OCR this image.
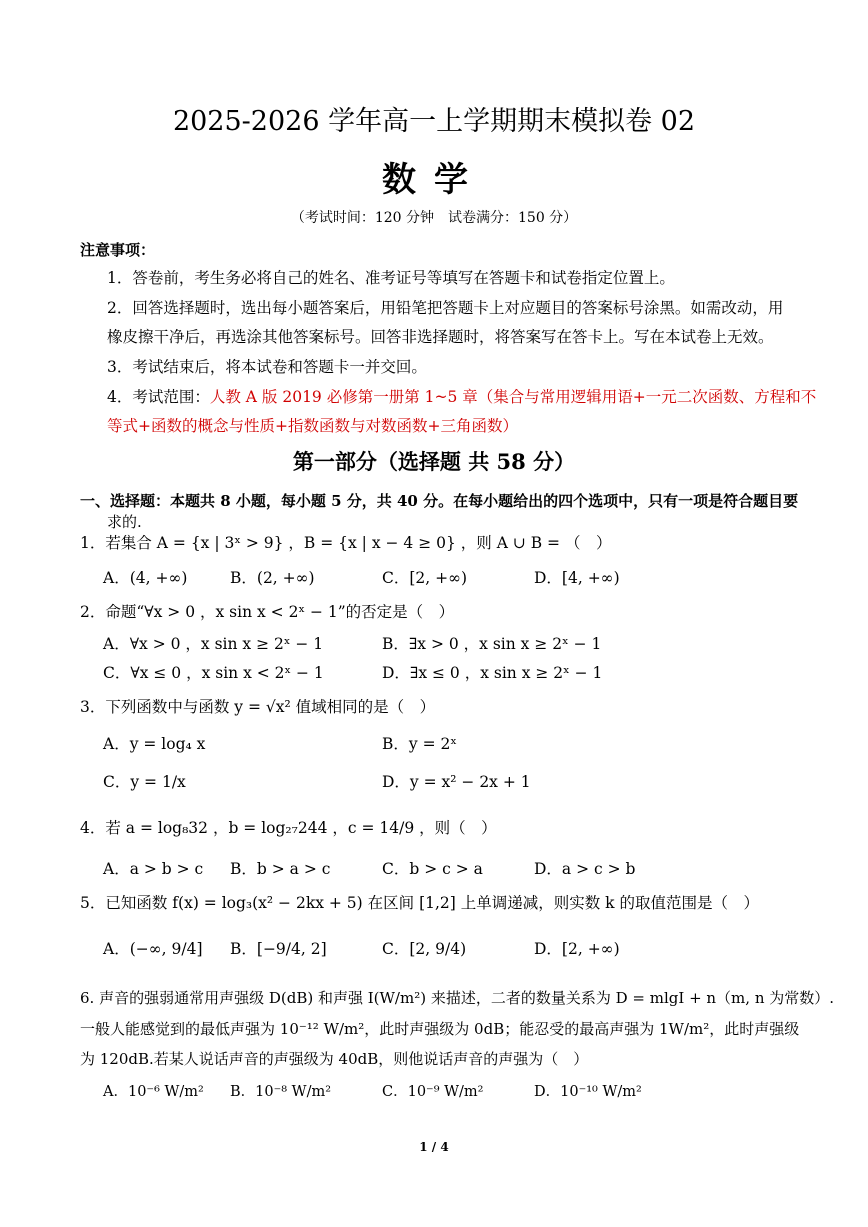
2025-2026 学年高一上学期期末模拟卷 02
数学
（考试时间：120 分钟　试卷满分：150 分）
注意事项：
1．答卷前，考生务必将自己的姓名、准考证号等填写在答题卡和试卷指定位置上。
2．回答选择题时，选出每小题答案后，用铅笔把答题卡上对应题目的答案标号涂黑。如需改动，用
橡皮擦干净后，再选涂其他答案标号。回答非选择题时，将答案写在答卡上。写在本试卷上无效。
3．考试结束后，将本试卷和答题卡一并交回。
4．考试范围：人教 A 版 2019 必修第一册第 1~5 章（集合与常用逻辑用语+一元二次函数、方程和不
等式+函数的概念与性质+指数函数与对数函数+三角函数）
第一部分（选择题 共 58 分）
一、选择题：本题共 8 小题，每小题 5 分，共 40 分。在每小题给出的四个选项中，只有一项是符合题目要
求的.
1．若集合 A = {x | 3ˣ > 9} ，B = {x | x − 4 ≥ 0} ，则 A ∪ B = （　）
A．(4, +∞)	B．(2, +∞)	C．[2, +∞)	D．[4, +∞)
2．命题“∀x > 0 ，x sin x < 2ˣ − 1”的否定是（　）
A．∀x > 0 ，x sin x ≥ 2ˣ − 1	B．∃x > 0 ，x sin x ≥ 2ˣ − 1
C．∀x ≤ 0 ，x sin x < 2ˣ − 1	D．∃x ≤ 0 ，x sin x ≥ 2ˣ − 1
3．下列函数中与函数 y = √x² 值域相同的是（　）
A．y = log₄ x	B．y = 2ˣ
C．y = 1/x	D．y = x² − 2x + 1
4．若 a = log₈32 ，b = log₂₇244 ，c = 14/9 ，则（　）
A．a > b > c B．b > a > c	C．b > c > a	D．a > c > b
5．已知函数 f(x) = log₃(x² − 2kx + 5) 在区间 [1,2] 上单调递减，则实数 k 的取值范围是（　）
A．(−∞, 9/4] B．[−9/4, 2]	C．[2, 9/4)	D．[2, +∞)
6. 声音的强弱通常用声强级 D(dB) 和声强 I(W/m²) 来描述，二者的数量关系为 D = mlgI + n（m, n 为常数）.
一般人能感觉到的最低声强为 10⁻¹² W/m²，此时声强级为 0dB；能忍受的最高声强为 1W/m²，此时声强级
为 120dB.若某人说话声音的声强级为 40dB，则他说话声音的声强为（　）
A．10⁻⁶ W/m² B．10⁻⁸ W/m²	C．10⁻⁹ W/m²	D．10⁻¹⁰ W/m²
1 / 4
